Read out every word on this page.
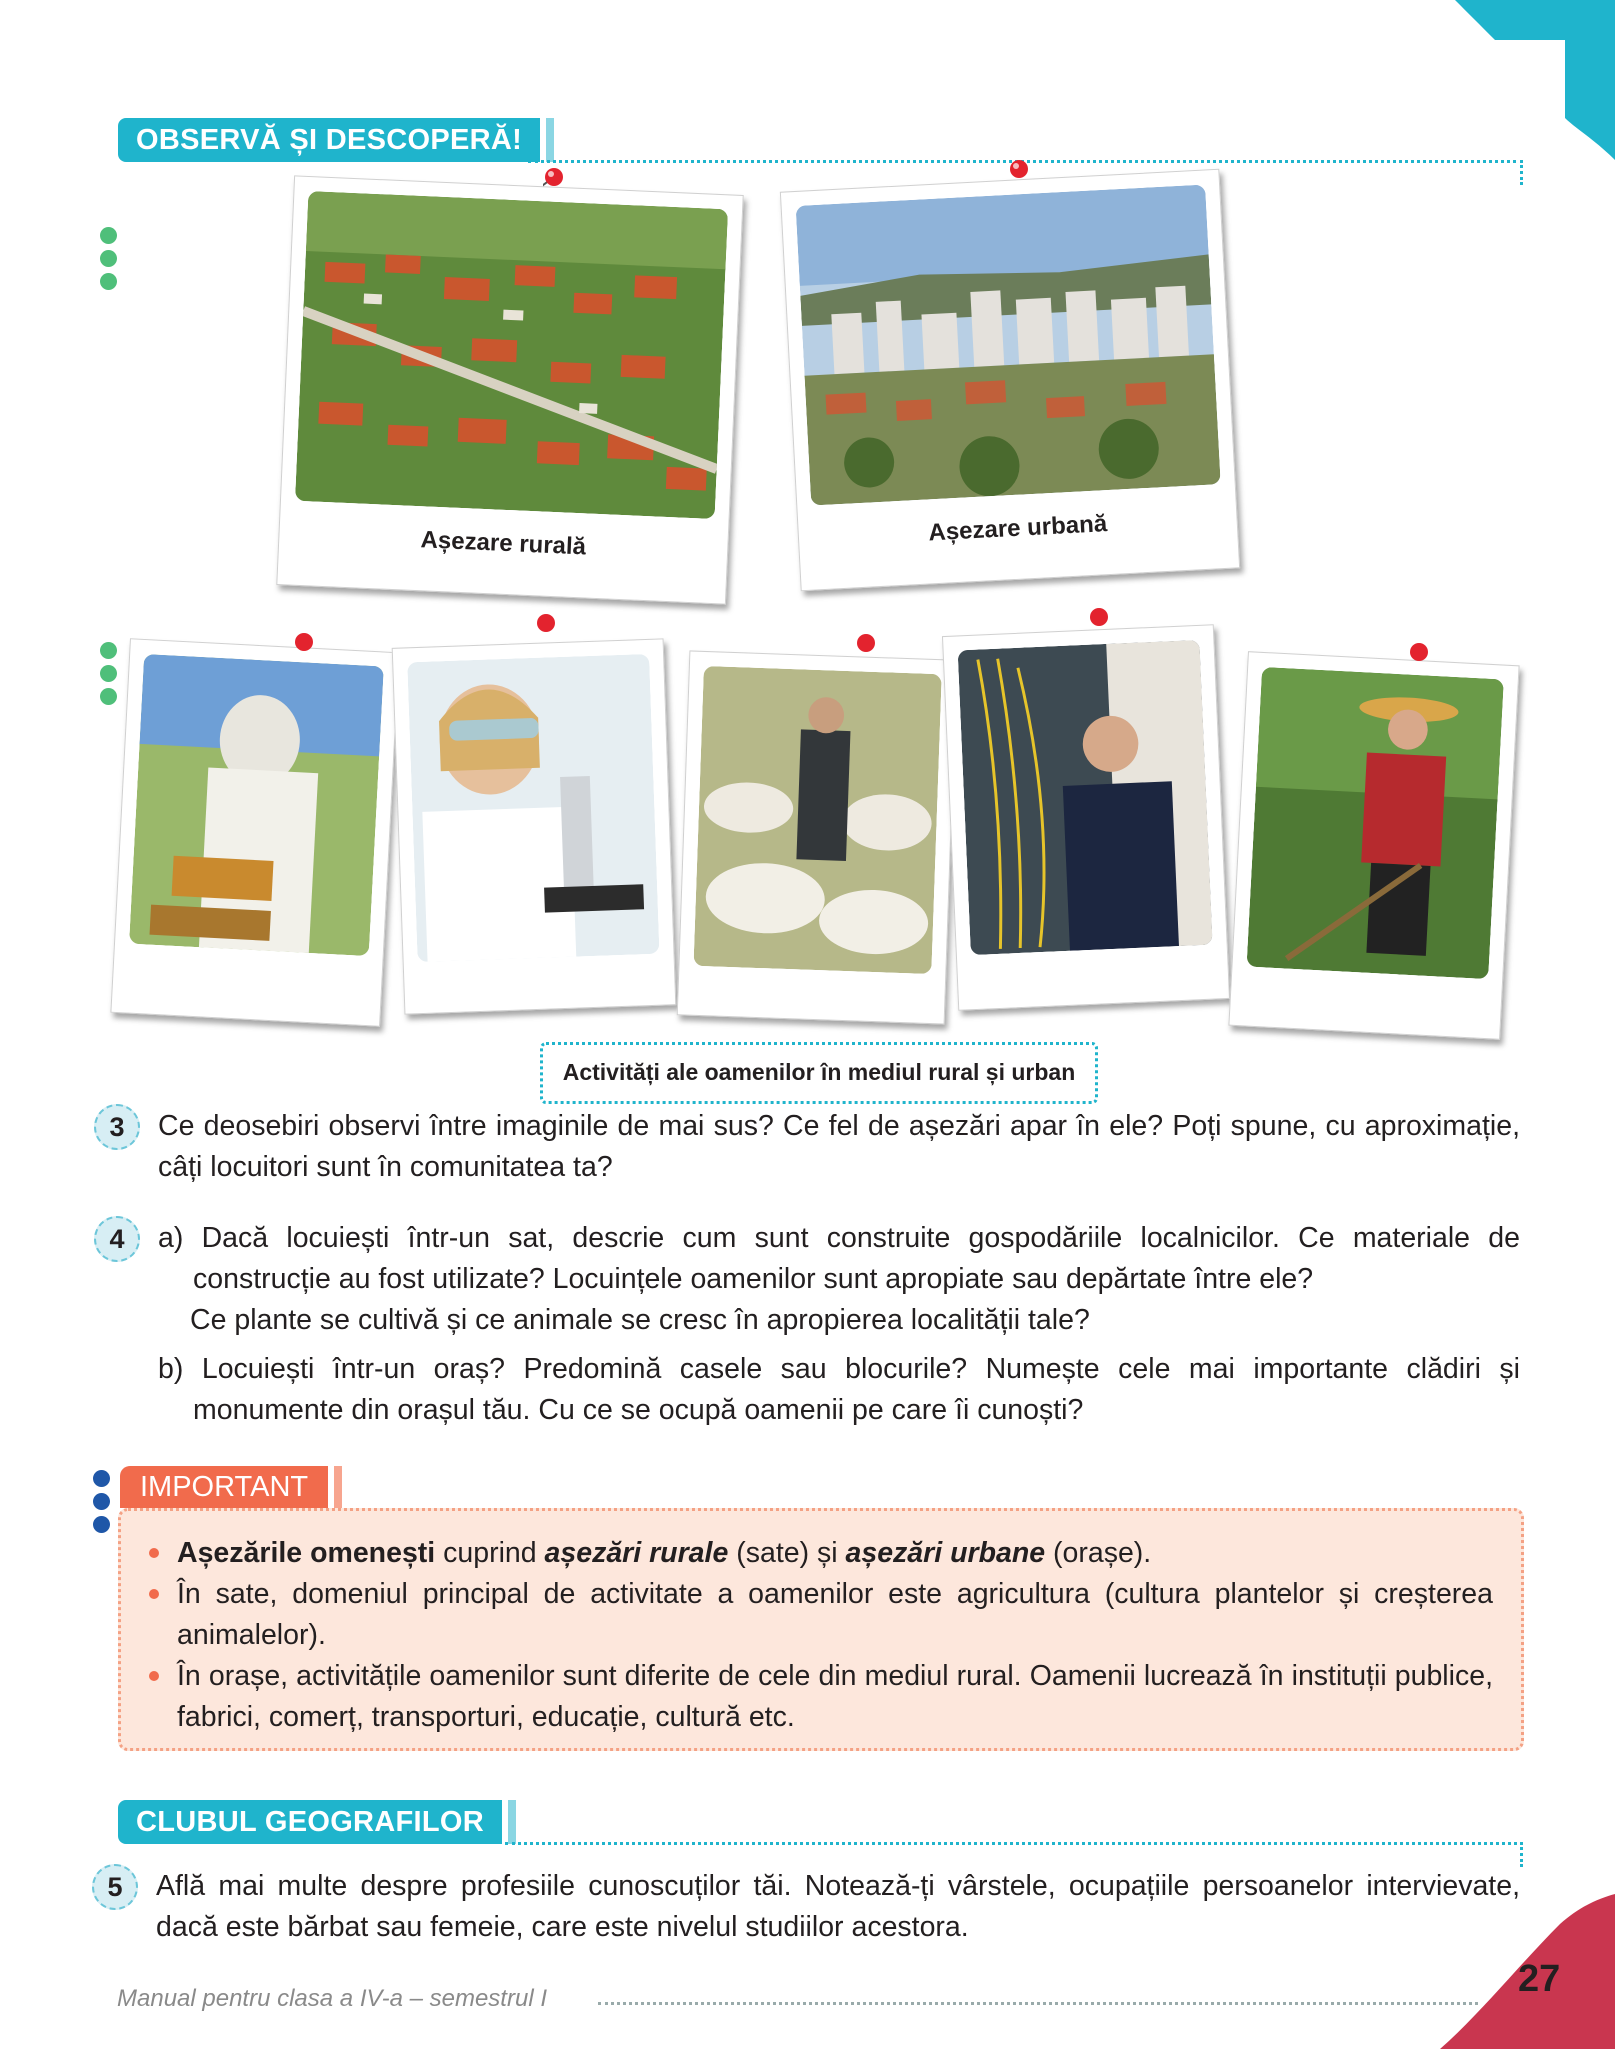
OBSERVĂ ȘI DESCOPERĂ!
Așezare rurală	Așezare urbană
Activități ale oamenilor în mediul rural și urban
3	Ce deosebiri observi între imaginile de mai sus? Ce fel de așezări apar în ele? Poți spune, cu aproximație, câți locuitori sunt în comunitatea ta?

4	a) Dacă locuiești într-un sat, descrie cum sunt construite gospodăriile localnicilor. Ce materiale de construcție au fost utilizate? Locuințele oamenilor sunt apropiate sau depărtate între ele?

Ce plante se cultivă și ce animale se cresc în apropierea localității tale?

b) Locuiești într-un oraș? Predomină casele sau blocurile? Numește cele mai importante clădiri și monumente din orașul tău. Cu ce se ocupă oamenii pe care îi cunoști?

IMPORTANT
Așezările omenești cuprind așezări rurale (sate) și așezări urbane (orașe).
În sate, domeniul principal de activitate a oamenilor este agricultura (cultura plantelor și creșterea animalelor).
În orașe, activitățile oamenilor sunt diferite de cele din mediul rural. Oamenii lucrează în instituții publice, fabrici, comerț, transporturi, educație, cultură etc.
CLUBUL GEOGRAFILOR
5	Află mai multe despre profesiile cunoscuților tăi. Notează-ți vârstele, ocupațiile persoanelor intervievate, dacă este bărbat sau femeie, care este nivelul studiilor acestora.

Manual pentru clasa a IV-a – semestrul I	27
